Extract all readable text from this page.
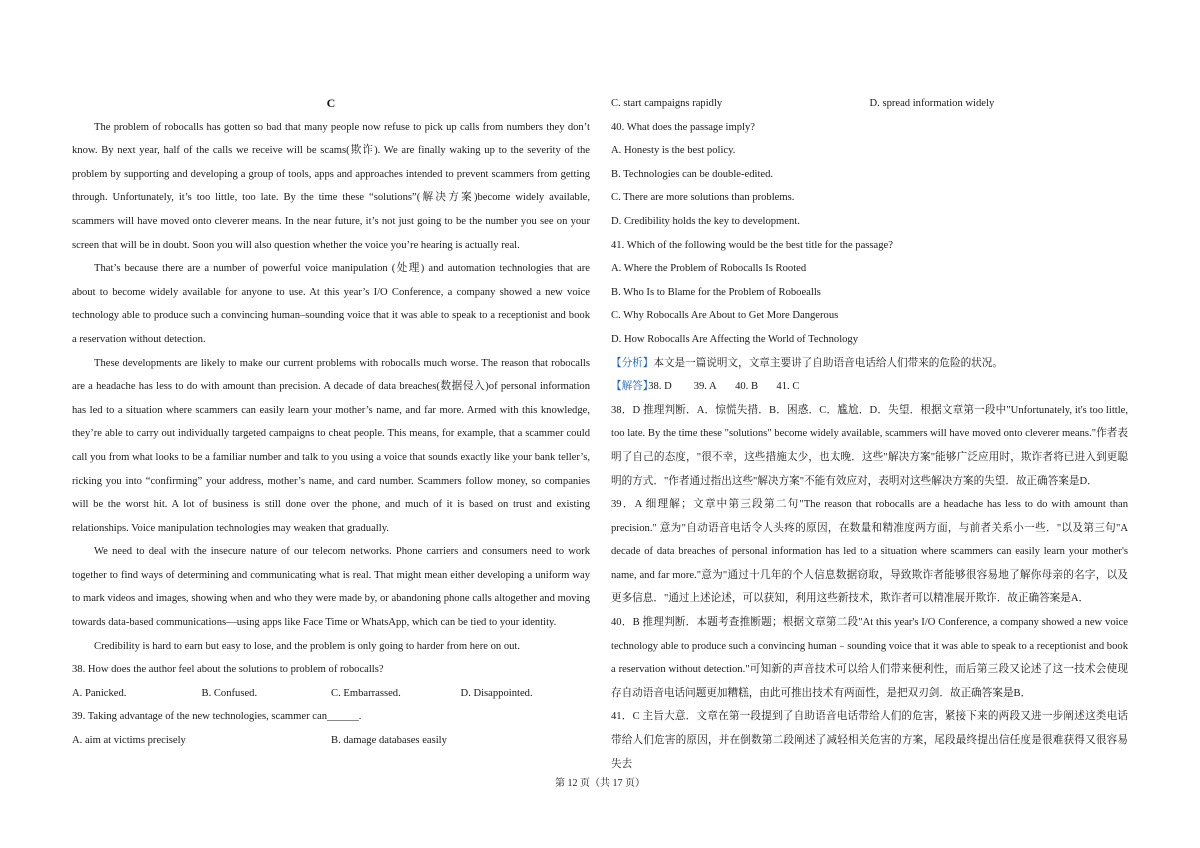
C

The problem of robocalls has gotten so bad that many people now refuse to pick up calls from numbers they don’t know. By next year, half of the calls we receive will be scams(欺诈). We are finally waking up to the severity of the problem by supporting and developing a group of tools, apps and approaches intended to prevent scammers from getting through. Unfortunately, it’s too little, too late. By the time these “solutions”(解决方案)become widely available, scammers will have moved onto cleverer means. In the near future, it’s not just going to be the number you see on your screen that will be in doubt. Soon you will also question whether the voice you’re hearing is actually real.

That’s because there are a number of powerful voice manipulation (处理) and automation technologies that are about to become widely available for anyone to use. At this year’s I/O Conference, a company showed a new voice technology able to produce such a convincing human–sounding voice that it was able to speak to a receptionist and book a reservation without detection.

These developments are likely to make our current problems with robocalls much worse. The reason that robocalls are a headache has less to do with amount than precision. A decade of data breaches(数据侵入)of personal information has led to a situation where scammers can easily learn your mother’s name, and far more. Armed with this knowledge, they’re able to carry out individually targeted campaigns to cheat people. This means, for example, that a scammer could call you from what looks to be a familiar number and talk to you using a voice that sounds exactly like your bank teller’s, ricking you into “confirming” your address, mother’s name, and card number. Scammers follow money, so companies will be the worst hit. A lot of business is still done over the phone, and much of it is based on trust and existing relationships. Voice manipulation technologies may weaken that gradually.

We need to deal with the insecure nature of our telecom networks. Phone carriers and consumers need to work together to find ways of determining and communicating what is real. That might mean either developing a uniform way to mark videos and images, showing when and who they were made by, or abandoning phone calls altogether and moving towards data-based communications––using apps like Face Time or WhatsApp, which can be tied to your identity.

Credibility is hard to earn but easy to lose, and the problem is only going to harder from here on out.

38. How does the author feel about the solutions to problem of robocalls?

A. Panicked.	B. Confused.	C. Embarrassed.	D. Disappointed.

39. Taking advantage of the new technologies, scammer can______.

A. aim at victims precisely	B. damage databases easily
C. start campaigns rapidly	D. spread information widely

40. What does the passage imply?

A. Honesty is the best policy.

B. Technologies can be double-edited.

C. There are more solutions than problems.

D. Credibility holds the key to development.

41. Which of the following would be the best title for the passage?

A. Where the Problem of Robocalls Is Rooted

B. Who Is to Blame for the Problem of Roboealls

C. Why Robocalls Are About to Get More Dangerous

D. How Robocalls Are Affecting the World of Technology

【分析】本文是一篇说明文，文章主要讲了自助语音电话给人们带来的危险的状况。

【解答】
38. D	39. A	40. B	41. C

38．D 推理判断．A．惊慌失措．B．困惑．C．尴尬．D．失望．根据文章第一段中"Unfortunately, it's too little, too late. By the time these "solutions" become widely available, scammers will have moved onto cleverer means."作者表明了自己的态度，"很不幸，这些措施太少，也太晚．这些"解决方案"能够广泛应用时，欺诈者将已进入到更聪明的方式．"作者通过指出这些"解决方案"不能有效应对，表明对这些解决方案的失望．故正确答案是D．

39．A 细理解；文章中第三段第二句"The reason that robocalls are a headache has less to do with amount than precision." 意为"自动语音电话令人头疼的原因，在数量和精准度两方面，与前者关系小一些．"以及第三句"A decade of data breaches of personal information has led to a situation where scammers can easily learn your mother's name, and far more."意为"通过十几年的个人信息数据窃取，导致欺诈者能够很容易地了解你母亲的名字，以及更多信息．"通过上述论述，可以获知，利用这些新技术，欺诈者可以精准展开欺诈．故正确答案是A．

40．B 推理判断．本题考查推断题；根据文章第二段"At this year's I/O Conference, a company showed a new voice technology able to produce such a convincing human﹣sounding voice that it was able to speak to a receptionist and book a reservation without detection."可知新的声音技术可以给人们带来便利性，而后第三段又论述了这一技术会使现存自动语音电话问题更加糟糕，由此可推出技术有两面性，是把双刃剑．故正确答案是B．

41．C 主旨大意．文章在第一段提到了自助语音电话带给人们的危害，紧接下来的两段又进一步阐述这类电话带给人们危害的原因，并在倒数第二段阐述了减轻相关危害的方案，尾段最终提出信任度是很难获得又很容易失去

第 12 页（共 17 页）
